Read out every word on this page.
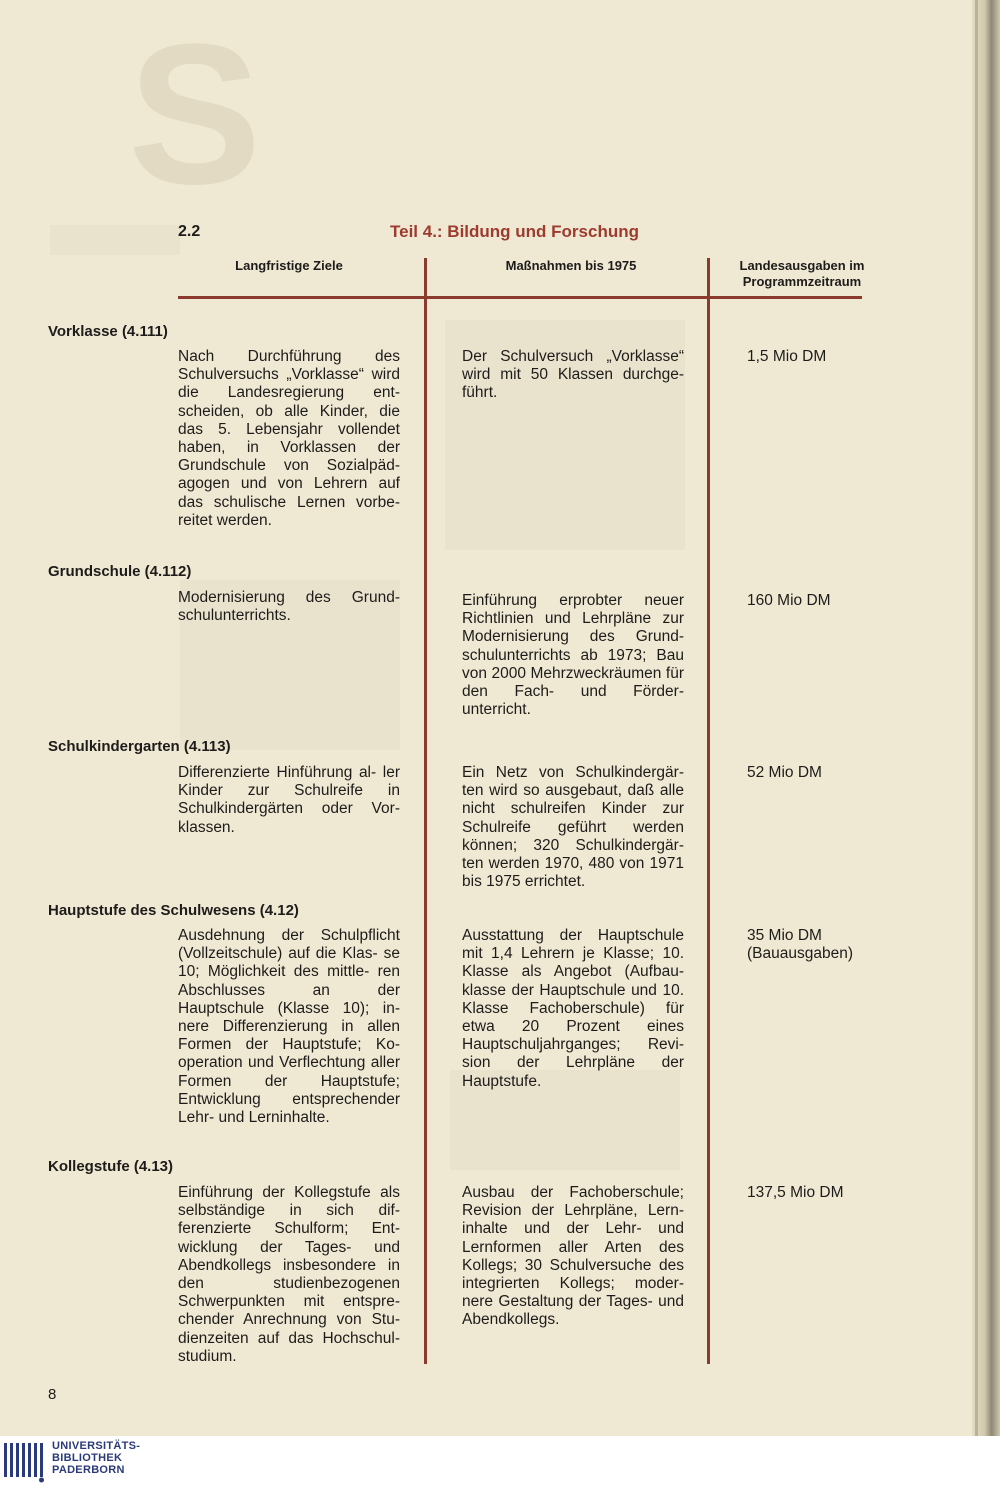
S
2.2	Teil 4.: Bildung und Forschung
Langfristige Ziele	Maßnahmen bis 1975	Landesausgaben im
Programmzeitraum
Vorklasse (4.111)
Nach Durchführung des Schulversuchs „Vorklasse“ wird die Landesregierung ent- scheiden, ob alle Kinder, die das 5. Lebensjahr vollendet haben, in Vorklassen der Grundschule von Sozialpäd- agogen und von Lehrern auf das schulische Lernen vorbe- reitet werden.
Der Schulversuch „Vorklasse“ wird mit 50 Klassen durchge- führt.
1,5 Mio DM
Grundschule (4.112)
Modernisierung des Grund- schulunterrichts.
Einführung erprobter neuer Richtlinien und Lehrpläne zur Modernisierung des Grund- schulunterrichts ab 1973; Bau von 2000 Mehrzweckräumen für den Fach- und Förder- unterricht.
160 Mio DM
Schulkindergarten (4.113)
Differenzierte Hinführung al- ler Kinder zur Schulreife in Schulkindergärten oder Vor- klassen.
Ein Netz von Schulkindergär- ten wird so ausgebaut, daß alle nicht schulreifen Kinder zur Schulreife geführt werden können; 320 Schulkindergär- ten werden 1970, 480 von 1971 bis 1975 errichtet.
52 Mio DM
Hauptstufe des Schulwesens (4.12)
Ausdehnung der Schulpflicht (Vollzeitschule) auf die Klas- se 10; Möglichkeit des mittle- ren Abschlusses an der Hauptschule (Klasse 10); in- nere Differenzierung in allen Formen der Hauptstufe; Ko- operation und Verflechtung aller Formen der Hauptstufe; Entwicklung entsprechender Lehr- und Lerninhalte.
Ausstattung der Hauptschule mit 1,4 Lehrern je Klasse; 10. Klasse als Angebot (Aufbau- klasse der Hauptschule und 10. Klasse Fachoberschule) für etwa 20 Prozent eines Hauptschuljahrganges; Revi- sion der Lehrpläne der Hauptstufe.
35 Mio DM
(Bauausgaben)
Kollegstufe (4.13)
Einführung der Kollegstufe als selbständige in sich dif- ferenzierte Schulform; Ent- wicklung der Tages- und Abendkollegs insbesondere in den studienbezogenen Schwerpunkten mit entspre- chender Anrechnung von Stu- dienzeiten auf das Hochschul- studium.
Ausbau der Fachoberschule; Revision der Lehrpläne, Lern- inhalte und der Lehr- und Lernformen aller Arten des Kollegs; 30 Schulversuche des integrierten Kollegs; moder- nere Gestaltung der Tages- und Abendkollegs.
137,5 Mio DM
8
UNIVERSITÄTS-
BIBLIOTHEK
PADERBORN
